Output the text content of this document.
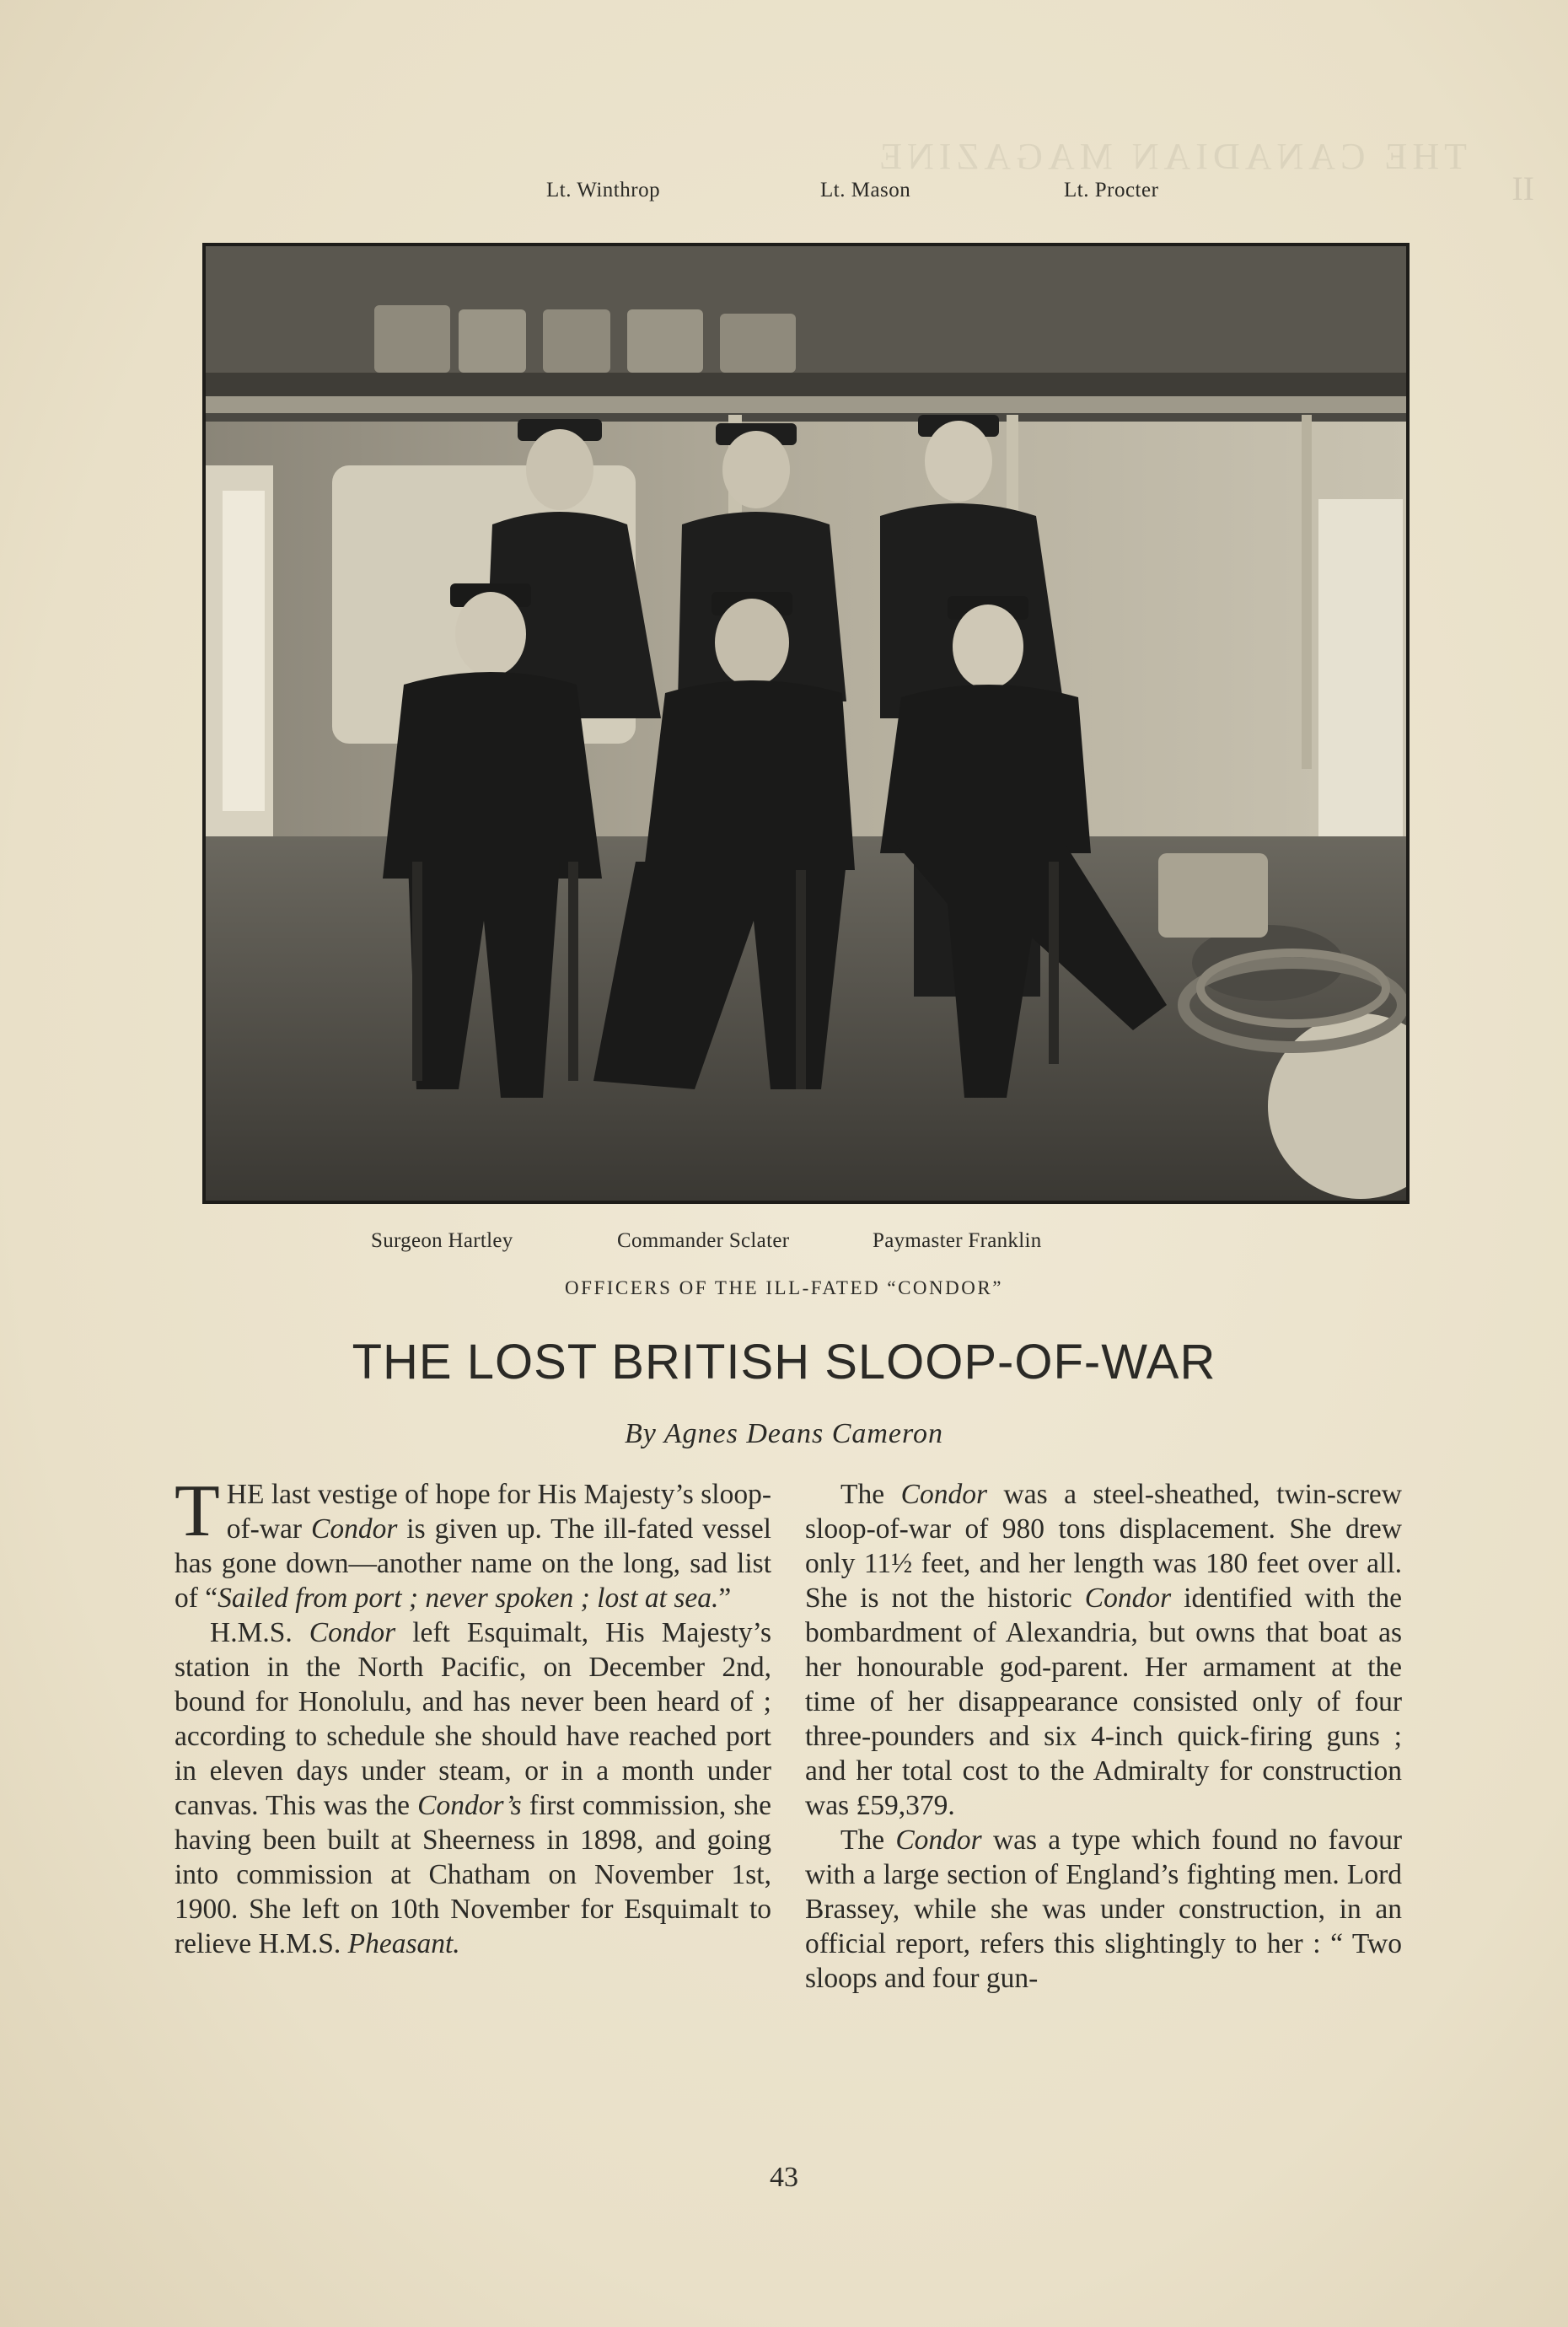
THE CANADIAN MAGAZINE
II
Lt. Winthrop	Lt. Mason	Lt. Procter
Surgeon Hartley	Commander Sclater	Paymaster Franklin
OFFICERS OF THE ILL-FATED “CONDOR”
THE LOST BRITISH SLOOP-OF-WAR
By Agnes Deans Cameron

THE last vestige of hope for His Majesty’s sloop-of-war Condor is given up. The ill-fated vessel has gone down—another name on the long, sad list of “Sailed from port ; never spoken ; lost at sea.”

H.M.S. Condor left Esquimalt, His Majesty’s station in the North Pacific, on December 2nd, bound for Honolulu, and has never been heard of ; according to schedule she should have reached port in eleven days under steam, or in a month under canvas. This was the Condor’s first commission, she having been built at Sheerness in 1898, and going into commission at Chatham on November 1st, 1900. She left on 10th November for Esquimalt to relieve H.M.S. Pheasant.

The Condor was a steel-sheathed, twin-screw sloop-of-war of 980 tons displacement. She drew only 11½ feet, and her length was 180 feet over all. She is not the historic Condor identified with the bombardment of Alexandria, but owns that boat as her honourable god-parent. Her armament at the time of her disappearance consisted only of four three-pounders and six 4-inch quick-firing guns ; and her total cost to the Admiralty for construction was £59,379.

The Condor was a type which found no favour with a large section of England’s fighting men. Lord Brassey, while she was under construction, in an official report, refers this slightingly to her : “ Two sloops and four gun-

43
